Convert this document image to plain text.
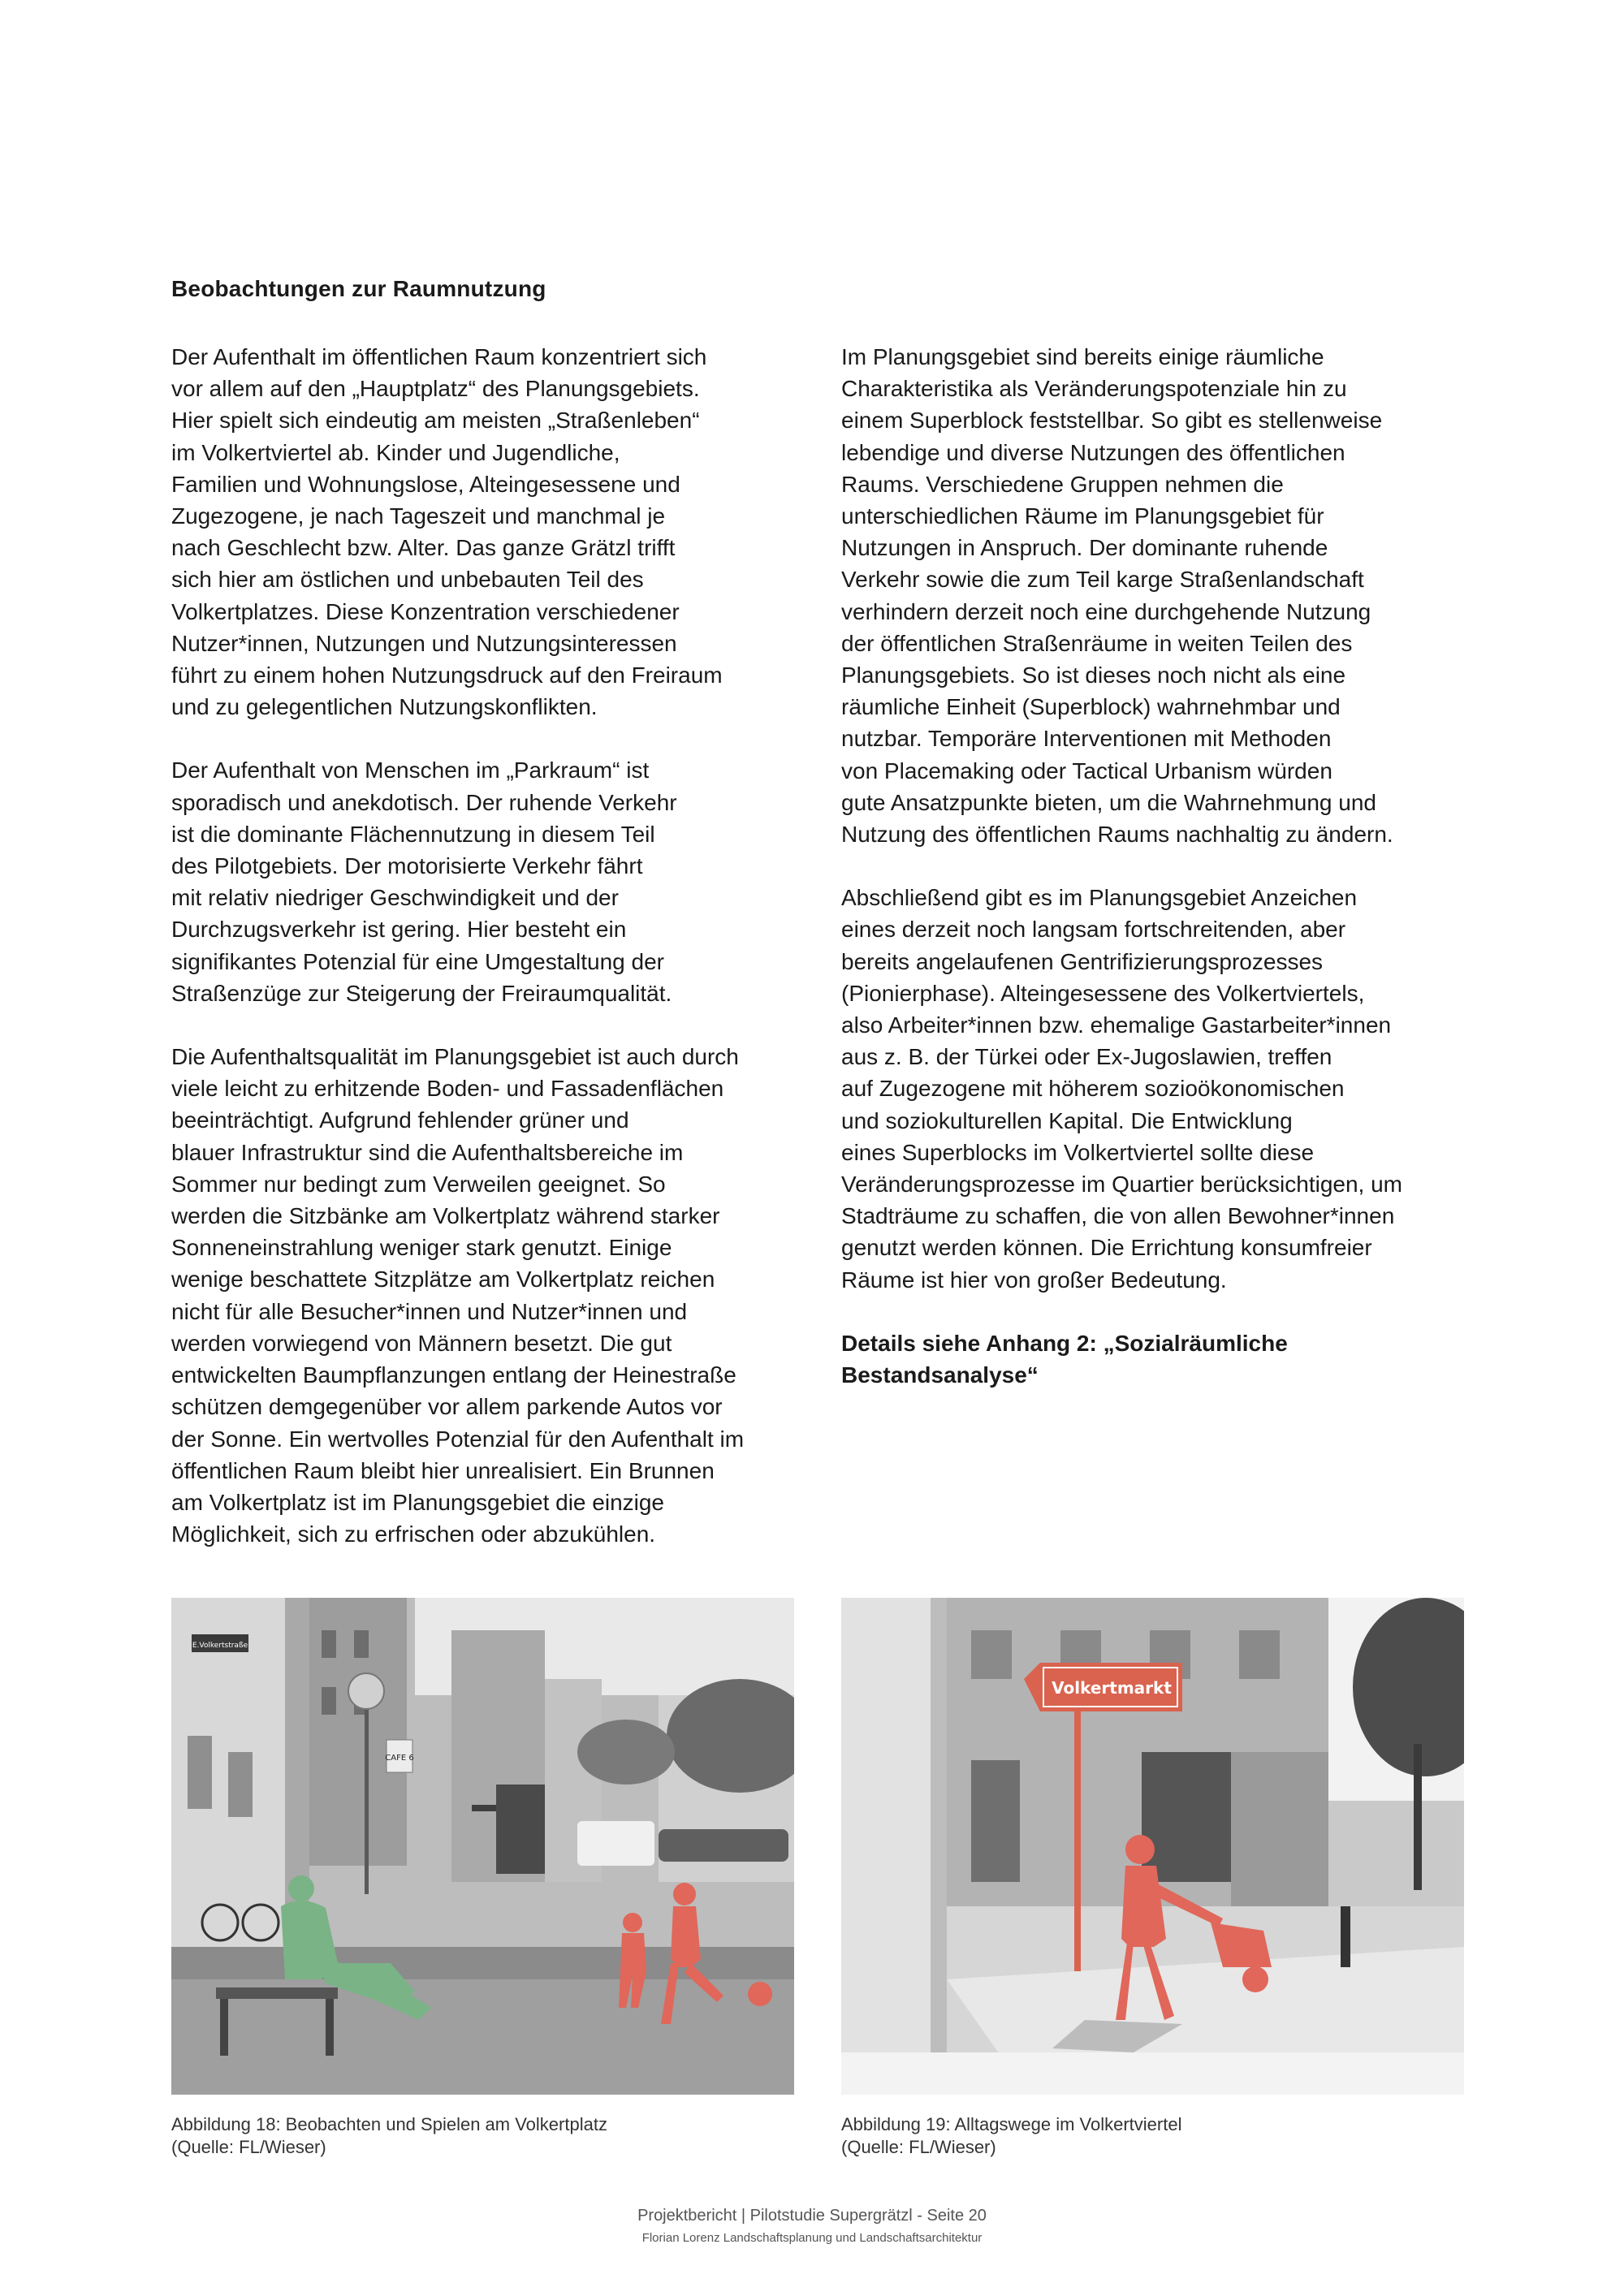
Beobachtungen zur Raumnutzung

Der Aufenthalt im öffentlichen Raum konzentriert sich
vor allem auf den „Hauptplatz“ des Planungsgebiets.
Hier spielt sich eindeutig am meisten „Straßenleben“
im Volkertviertel ab. Kinder und Jugendliche,
Familien und Wohnungslose, Alteingesessene und
Zugezogene, je nach Tageszeit und manchmal je
nach Geschlecht bzw. Alter. Das ganze Grätzl trifft
sich hier am östlichen und unbebauten Teil des
Volkertplatzes. Diese Konzentration verschiedener
Nutzer*innen, Nutzungen und Nutzungsinteressen
führt zu einem hohen Nutzungsdruck auf den Freiraum
und zu gelegentlichen Nutzungskonflikten.

Der Aufenthalt von Menschen im „Parkraum“ ist
sporadisch und anekdotisch. Der ruhende Verkehr
ist die dominante Flächennutzung in diesem Teil
des Pilotgebiets. Der motorisierte Verkehr fährt
mit relativ niedriger Geschwindigkeit und der
Durchzugsverkehr ist gering. Hier besteht ein
signifikantes Potenzial für eine Umgestaltung der
Straßenzüge zur Steigerung der Freiraumqualität.

Die Aufenthaltsqualität im Planungsgebiet ist auch durch
viele leicht zu erhitzende Boden- und Fassadenflächen
beeinträchtigt. Aufgrund fehlender grüner und
blauer Infrastruktur sind die Aufenthaltsbereiche im
Sommer nur bedingt zum Verweilen geeignet. So
werden die Sitzbänke am Volkertplatz während starker
Sonneneinstrahlung weniger stark genutzt. Einige
wenige beschattete Sitzplätze am Volkertplatz reichen
nicht für alle Besucher*innen und Nutzer*innen und
werden vorwiegend von Männern besetzt. Die gut
entwickelten Baumpflanzungen entlang der Heinestraße
schützen demgegenüber vor allem parkende Autos vor
der Sonne. Ein wertvolles Potenzial für den Aufenthalt im
öffentlichen Raum bleibt hier unrealisiert. Ein Brunnen
am Volkertplatz ist im Planungsgebiet die einzige
Möglichkeit, sich zu erfrischen oder abzukühlen.

Im Planungsgebiet sind bereits einige räumliche
Charakteristika als Veränderungspotenziale hin zu
einem Superblock feststellbar. So gibt es stellenweise
lebendige und diverse Nutzungen des öffentlichen
Raums. Verschiedene Gruppen nehmen die
unterschiedlichen Räume im Planungsgebiet für
Nutzungen in Anspruch. Der dominante ruhende
Verkehr sowie die zum Teil karge Straßenlandschaft
verhindern derzeit noch eine durchgehende Nutzung
der öffentlichen Straßenräume in weiten Teilen des
Planungsgebiets. So ist dieses noch nicht als eine
räumliche Einheit (Superblock) wahrnehmbar und
nutzbar. Temporäre Interventionen mit Methoden
von Placemaking oder Tactical Urbanism würden
gute Ansatzpunkte bieten, um die Wahrnehmung und
Nutzung des öffentlichen Raums nachhaltig zu ändern.

Abschließend gibt es im Planungsgebiet Anzeichen
eines derzeit noch langsam fortschreitenden, aber
bereits angelaufenen Gentrifizierungsprozesses
(Pionierphase). Alteingesessene des Volkertviertels,
also Arbeiter*innen bzw. ehemalige Gastarbeiter*innen
aus z. B. der Türkei oder Ex-Jugoslawien, treffen
auf Zugezogene mit höherem sozioökonomischen
und soziokulturellen Kapital. Die Entwicklung
eines Superblocks im Volkertviertel sollte diese
Veränderungsprozesse im Quartier berücksichtigen, um
Stadträume zu schaffen, die von allen Bewohner*innen
genutzt werden können. Die Errichtung konsumfreier
Räume ist hier von großer Bedeutung.

Details siehe Anhang 2: „Sozialräumliche
Bestandsanalyse“

E.Volkertstraße
CAFE 6
Abbildung 18: Beobachten und Spielen am Volkertplatz
(Quelle: FL/Wieser)
Volkertmarkt
Abbildung 19: Alltagswege im Volkertviertel
(Quelle: FL/Wieser)
Projektbericht | Pilotstudie Supergrätzl - Seite 20
Florian Lorenz Landschaftsplanung und Landschaftsarchitektur
